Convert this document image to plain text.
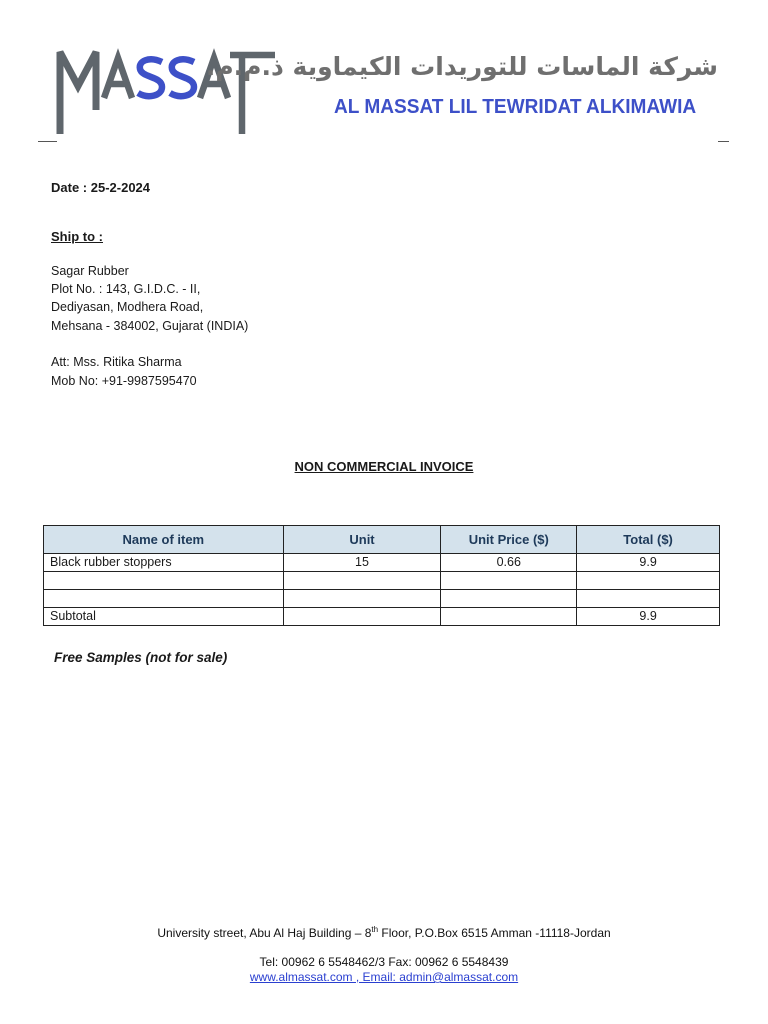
شركة الماسات للتوريدات الكيماوية ذ.م.م.
AL MASSAT LIL TEWRIDAT ALKIMAWIA
Date : 25-2-2024
Ship to :
Sagar Rubber
Plot No. : 143, G.I.D.C. - II,
Dediyasan, Modhera Road,
Mehsana - 384002, Gujarat (INDIA)
Att: Mss. Ritika Sharma
Mob No: +91-9987595470
NON COMMERCIAL INVOICE
Name of item	Unit	Unit Price ($)	Total ($)
Black rubber stoppers	15	0.66	9.9

Subtotal			9.9
Free Samples (not for sale)
University street, Abu Al Haj Building – 8th Floor, P.O.Box 6515 Amman -11118-Jordan
Tel: 00962 6 5548462/3 Fax: 00962 6 5548439
www.almassat.com , Email: admin@almassat.com
